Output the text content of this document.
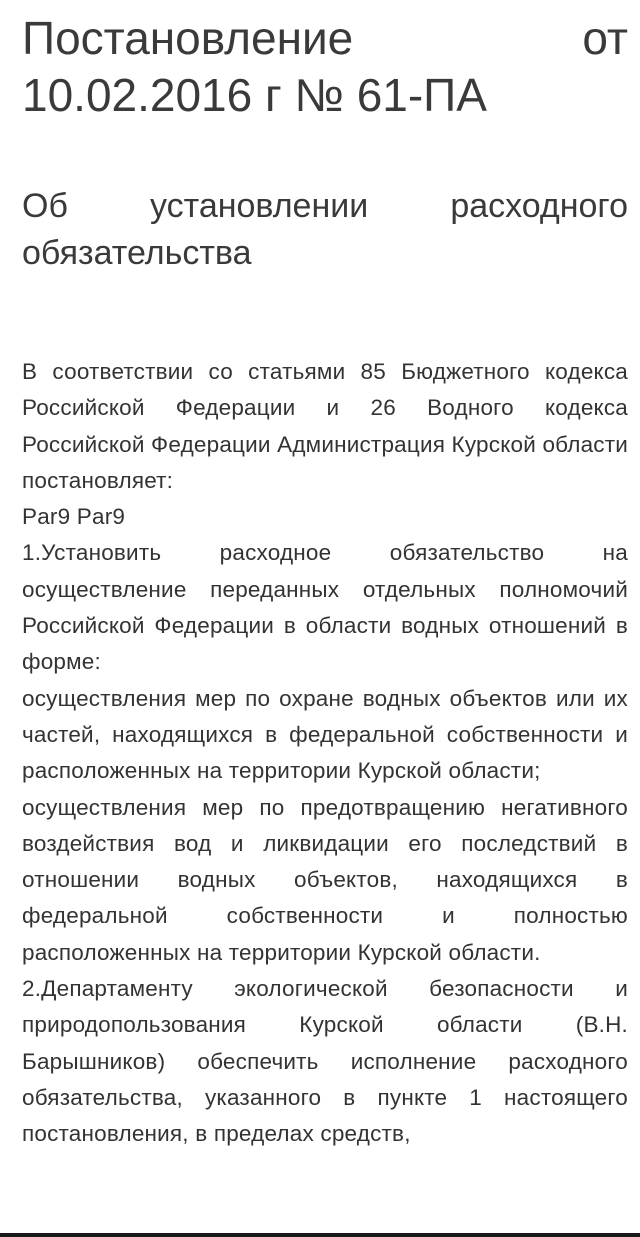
Постановление	от
10.02.2016 г № 61-ПА
Об установлении расходного
обязательства

В соответствии со статьями 85 Бюджетного кодекса Российской Федерации и 26 Водного кодекса Российской Федерации Администрация Курской области постановляет:

Par9 Par9

1.Установить расходное обязательство на осуществление переданных отдельных полномочий Российской Федерации в области водных отношений в форме:

осуществления мер по охране водных объектов или их частей, находящихся в федеральной собственности и расположенных на территории Курской области;

осуществления мер по предотвращению негативного воздействия вод и ликвидации его последствий в отношении водных объектов, находящихся в федеральной собственности и полностью расположенных на территории Курской области.

2.Департаменту экологической безопасности и природопользования Курской области (В.Н. Барышников) обеспечить исполнение расходного обязательства, указанного в пункте 1 настоящего постановления, в пределах средств,
